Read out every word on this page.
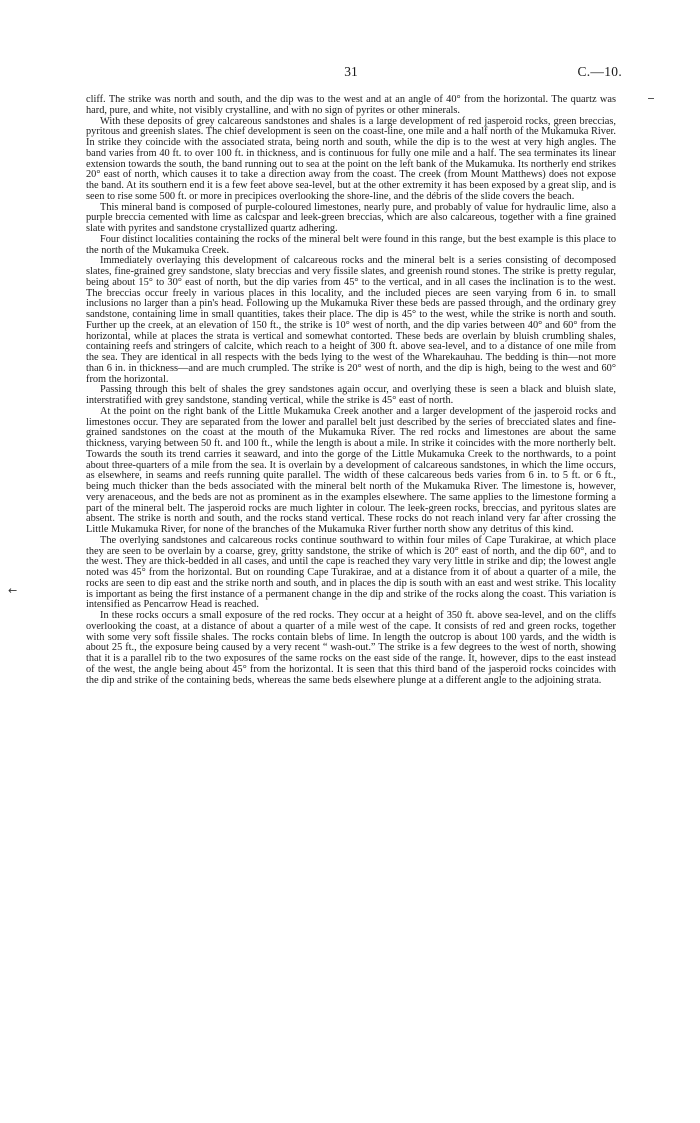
31	C.—10.

cliff. The strike was north and south, and the dip was to the west and at an angle of 40° from the horizontal. The quartz was hard, pure, and white, not visibly crystalline, and with no sign of pyrites or other minerals.

With these deposits of grey calcareous sandstones and shales is a large development of red jasperoid rocks, green breccias, pyritous and greenish slates. The chief development is seen on the coast-line, one mile and a half north of the Mukamuka River. In strike they coincide with the associated strata, being north and south, while the dip is to the west at very high angles. The band varies from 40 ft. to over 100 ft. in thickness, and is continuous for fully one mile and a half. The sea terminates its linear extension towards the south, the band running out to sea at the point on the left bank of the Mukamuka. Its northerly end strikes 20° east of north, which causes it to take a direction away from the coast. The creek (from Mount Matthews) does not expose the band. At its southern end it is a few feet above sea-level, but at the other extremity it has been exposed by a great slip, and is seen to rise some 500 ft. or more in precipices overlooking the shore-line, and the débris of the slide covers the beach.

This mineral band is composed of purple-coloured limestones, nearly pure, and probably of value for hydraulic lime, also a purple breccia cemented with lime as calcspar and leek-green breccias, which are also calcareous, together with a fine grained slate with pyrites and sandstone crystallized quartz adhering.

Four distinct localities containing the rocks of the mineral belt were found in this range, but the best example is this place to the north of the Mukamuka Creek.

Immediately overlaying this development of calcareous rocks and the mineral belt is a series consisting of decomposed slates, fine-grained grey sandstone, slaty breccias and very fissile slates, and greenish round stones. The strike is pretty regular, being about 15° to 30° east of north, but the dip varies from 45° to the vertical, and in all cases the inclination is to the west. The breccias occur freely in various places in this locality, and the included pieces are seen varying from 6 in. to small inclusions no larger than a pin's head. Following up the Mukamuka River these beds are passed through, and the ordinary grey sandstone, containing lime in small quantities, takes their place. The dip is 45° to the west, while the strike is north and south. Further up the creek, at an elevation of 150 ft., the strike is 10° west of north, and the dip varies between 40° and 60° from the horizontal, while at places the strata is vertical and somewhat contorted. These beds are overlain by bluish crumbling shales, containing reefs and stringers of calcite, which reach to a height of 300 ft. above sea-level, and to a distance of one mile from the sea. They are identical in all respects with the beds lying to the west of the Wharekauhau. The bedding is thin—not more than 6 in. in thickness—and are much crumpled. The strike is 20° west of north, and the dip is high, being to the west and 60° from the horizontal.

Passing through this belt of shales the grey sandstones again occur, and overlying these is seen a black and bluish slate, interstratified with grey sandstone, standing vertical, while the strike is 45° east of north.

At the point on the right bank of the Little Mukamuka Creek another and a larger development of the jasperoid rocks and limestones occur. They are separated from the lower and parallel belt just described by the series of brecciated slates and fine-grained sandstones on the coast at the mouth of the Mukamuka River. The red rocks and limestones are about the same thickness, varying between 50 ft. and 100 ft., while the length is about a mile. In strike it coincides with the more northerly belt. Towards the south its trend carries it seaward, and into the gorge of the Little Mukamuka Creek to the northwards, to a point about three-quarters of a mile from the sea. It is overlain by a development of calcareous sandstones, in which the lime occurs, as elsewhere, in seams and reefs running quite parallel. The width of these calcareous beds varies from 6 in. to 5 ft. or 6 ft., being much thicker than the beds associated with the mineral belt north of the Mukamuka River. The limestone is, however, very arenaceous, and the beds are not as prominent as in the examples elsewhere. The same applies to the limestone forming a part of the mineral belt. The jasperoid rocks are much lighter in colour. The leek-green rocks, breccias, and pyritous slates are absent. The strike is north and south, and the rocks stand vertical. These rocks do not reach inland very far after crossing the Little Mukamuka River, for none of the branches of the Mukamuka River further north show any detritus of this kind.

The overlying sandstones and calcareous rocks continue southward to within four miles of Cape Turakirae, at which place they are seen to be overlain by a coarse, grey, gritty sandstone, the strike of which is 20° east of north, and the dip 60°, and to the west. They are thick-bedded in all cases, and until the cape is reached they vary very little in strike and dip; the lowest angle noted was 45° from the horizontal. But on rounding Cape Turakirae, and at a distance from it of about a quarter of a mile, the rocks are seen to dip east and the strike north and south, and in places the dip is south with an east and west strike. This locality is important as being the first instance of a permanent change in the dip and strike of the rocks along the coast. This variation is intensified as Pencarrow Head is reached.

In these rocks occurs a small exposure of the red rocks. They occur at a height of 350 ft. above sea-level, and on the cliffs overlooking the coast, at a distance of about a quarter of a mile west of the cape. It consists of red and green rocks, together with some very soft fissile shales. The rocks contain blebs of lime. In length the outcrop is about 100 yards, and the width is about 25 ft., the exposure being caused by a very recent “ wash-out.” The strike is a few degrees to the west of north, showing that it is a parallel rib to the two exposures of the same rocks on the east side of the range. It, however, dips to the east instead of the west, the angle being about 45° from the horizontal. It is seen that this third band of the jasperoid rocks coincides with the dip and strike of the containing beds, whereas the same beds elsewhere plunge at a different angle to the adjoining strata.

←
